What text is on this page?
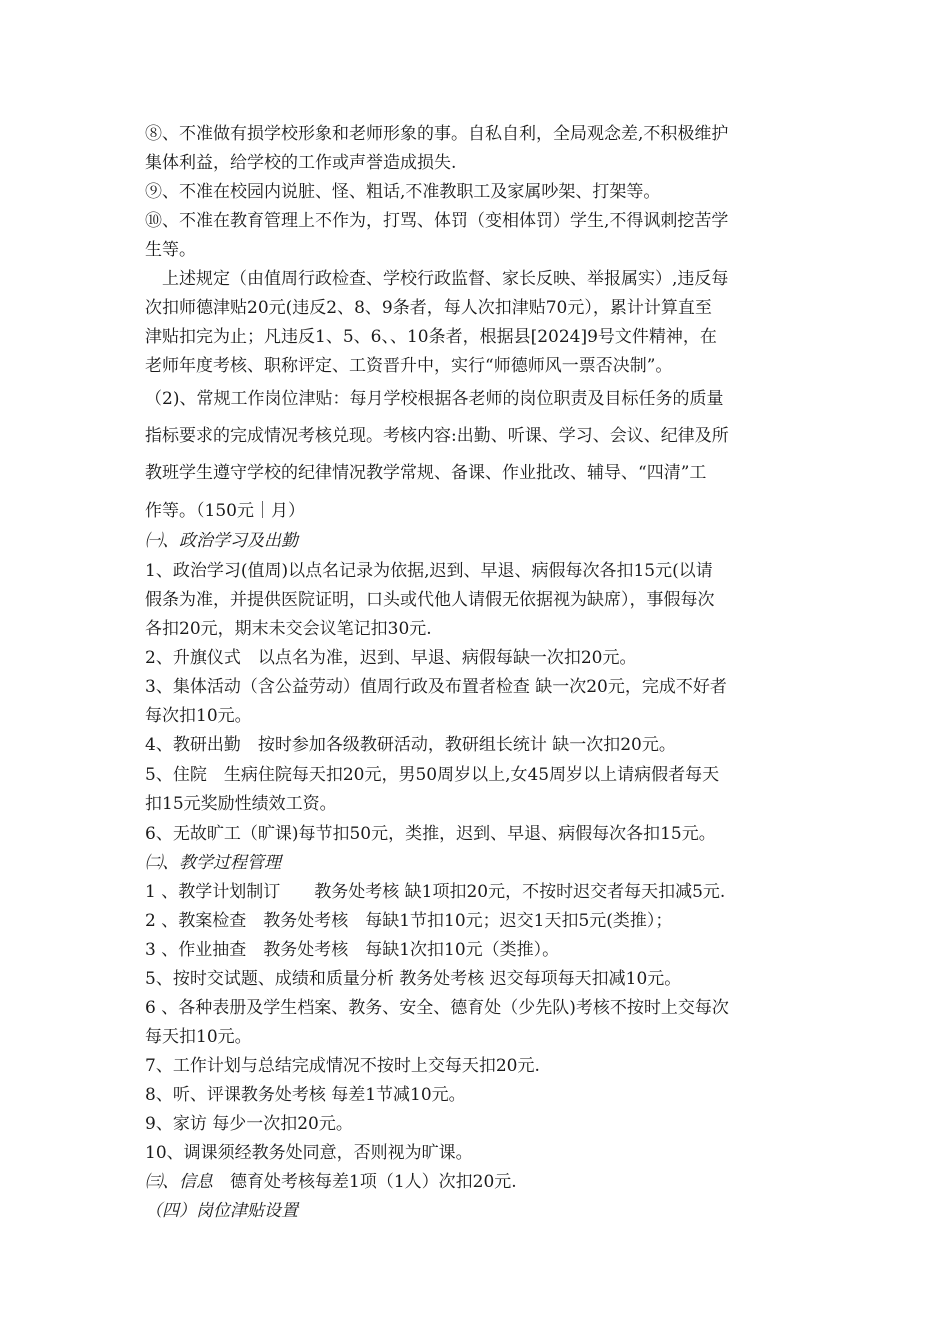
⑧、不准做有损学校形象和老师形象的事。自私自利，全局观念差,不积极维护
集体利益，给学校的工作或声誉造成损失.
⑨、不准在校园内说脏、怪、粗话,不准教职工及家属吵架、打架等。
⑩、不准在教育管理上不作为，打骂、体罚（变相体罚）学生,不得讽刺挖苦学
生等。
　上述规定（由值周行政检查、学校行政监督、家长反映、举报属实）,违反每
次扣师德津贴20元(违反2、8、9条者，每人次扣津贴70元），累计计算直至
津贴扣完为止；凡违反1、5、6、、10条者，根据县[2024]9号文件精神，在
老师年度考核、职称评定、工资晋升中，实行“师德师风一票否决制”。
（2)、常规工作岗位津贴：每月学校根据各老师的岗位职责及目标任务的质量
指标要求的完成情况考核兑现。考核内容:出勤、听课、学习、会议、纪律及所
教班学生遵守学校的纪律情况教学常规、备课、作业批改、辅导、“四清”工
作等。（150元｜月）
㈠、政治学习及出勤
1、政治学习(值周)以点名记录为依据,迟到、早退、病假每次各扣15元(以请
假条为准，并提供医院证明，口头或代他人请假无依据视为缺席），事假每次
各扣20元，期末未交会议笔记扣30元.
2、升旗仪式　以点名为准，迟到、早退、病假每缺一次扣20元。
3、集体活动（含公益劳动）值周行政及布置者检查 缺一次20元，完成不好者
每次扣10元。
4、教研出勤　按时参加各级教研活动，教研组长统计 缺一次扣20元。
5、住院　生病住院每天扣20元，男50周岁以上,女45周岁以上请病假者每天
扣15元奖励性绩效工资。
6、无故旷工（旷课)每节扣50元，类推，迟到、早退、病假每次各扣15元。
㈡、教学过程管理
1 、教学计划制订　　教务处考核 缺1项扣20元，不按时迟交者每天扣减5元.
2 、教案检查　教务处考核　每缺1节扣10元；迟交1天扣5元(类推）；
3 、作业抽查　教务处考核　每缺1次扣10元（类推）。
5、按时交试题、成绩和质量分析 教务处考核 迟交每项每天扣减10元。
6 、各种表册及学生档案、教务、安全、德育处（少先队)考核不按时上交每次
每天扣10元。
7、工作计划与总结完成情况不按时上交每天扣20元.
8、听、评课教务处考核 每差1节减10元。
9、家访 每少一次扣20元。
10、调课须经教务处同意，否则视为旷课。
㈢、信息　德育处考核每差1项（1人）次扣20元.
（四）岗位津贴设置
